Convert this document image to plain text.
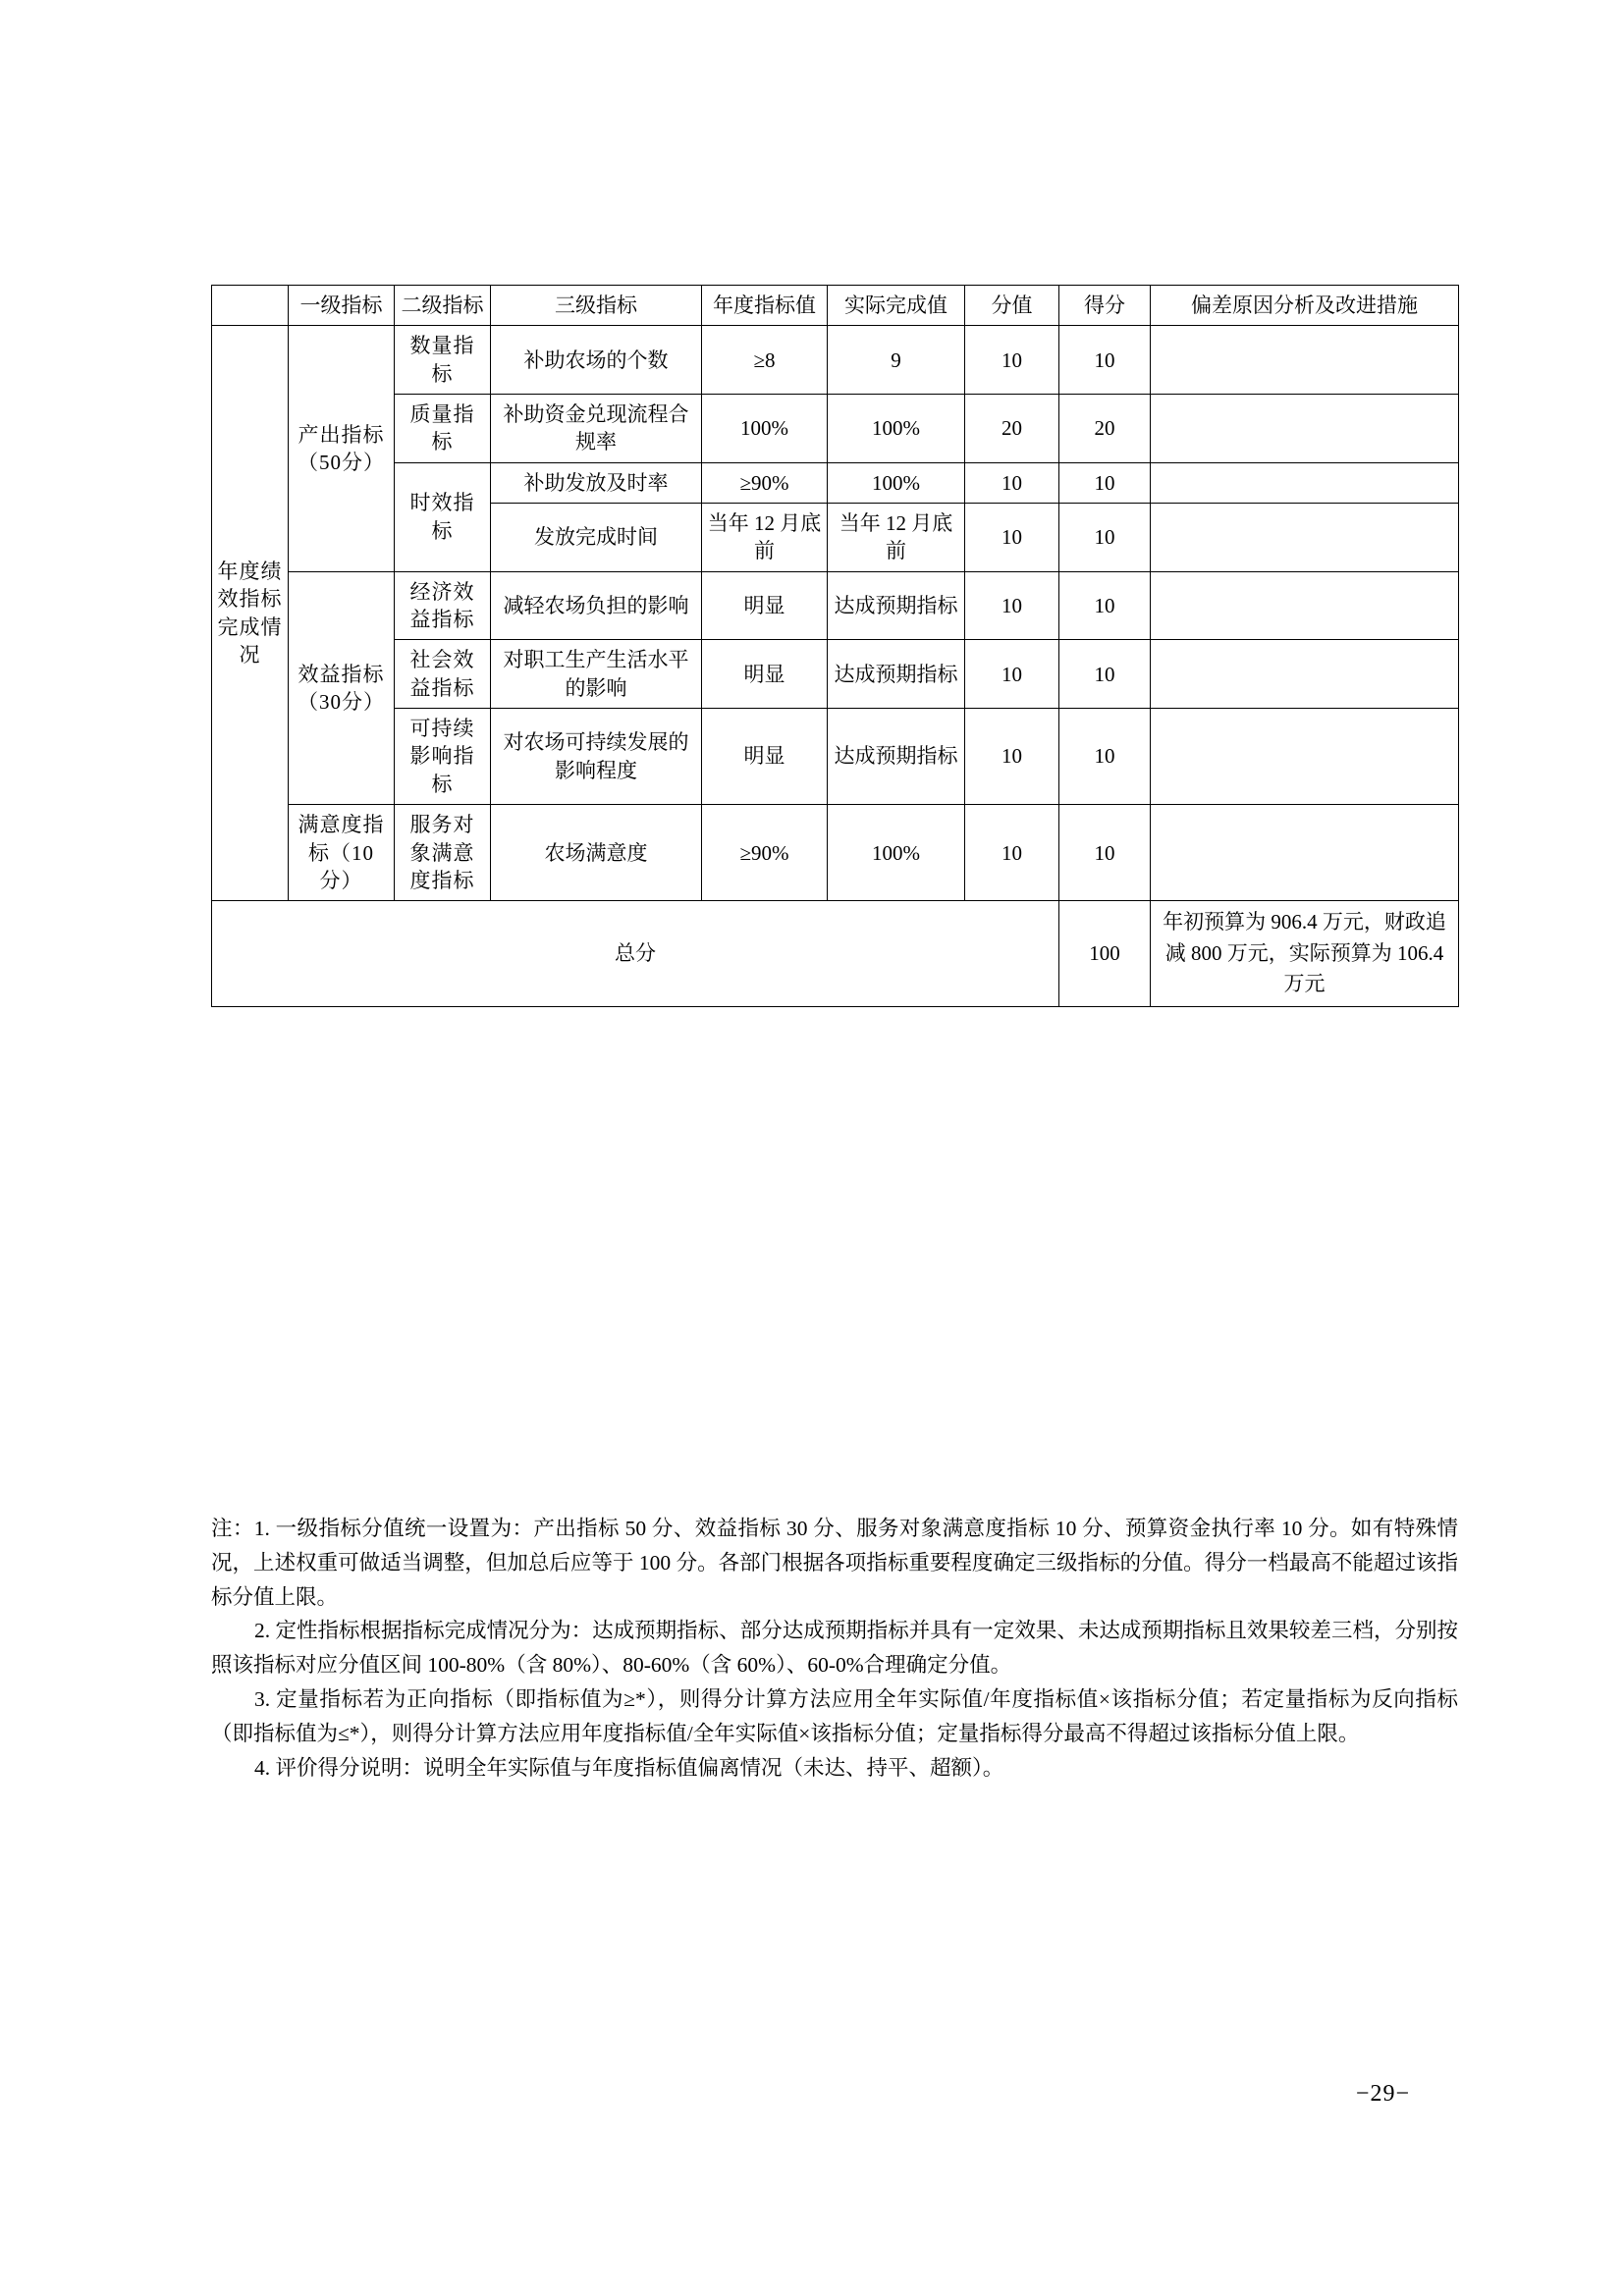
	一级指标	二级指标	三级指标	年度指标值	实际完成值	分值	得分	偏差原因分析及改进措施
年度绩效指标完成情况	产出指标（50分）	数量指标	补助农场的个数	≥8	9	10	10	
		质量指标	补助资金兑现流程合规率	100%	100%	20	20	
		时效指标	补助发放及时率	≥90%	100%	10	10	
			发放完成时间	当年 12 月底前	当年 12 月底前	10	10	
	效益指标（30分）	经济效益指标	减轻农场负担的影响	明显	达成预期指标	10	10	
		社会效益指标	对职工生产生活水平的影响	明显	达成预期指标	10	10	
		可持续影响指标	对农场可持续发展的影响程度	明显	达成预期指标	10	10	
	满意度指标（10分）	服务对象满意度指标	农场满意度	≥90%	100%	10	10	
总分							100	年初预算为 906.4 万元，财政追减 800 万元，实际预算为 106.4 万元

注：1. 一级指标分值统一设置为：产出指标 50 分、效益指标 30 分、服务对象满意度指标 10 分、预算资金执行率 10 分。如有特殊情况，上述权重可做适当调整，但加总后应等于 100 分。各部门根据各项指标重要程度确定三级指标的分值。得分一档最高不能超过该指标分值上限。

2. 定性指标根据指标完成情况分为：达成预期指标、部分达成预期指标并具有一定效果、未达成预期指标且效果较差三档，分别按照该指标对应分值区间 100-80%（含 80%）、80-60%（含 60%）、60-0%合理确定分值。

3. 定量指标若为正向指标（即指标值为≥*），则得分计算方法应用全年实际值/年度指标值×该指标分值；若定量指标为反向指标（即指标值为≤*），则得分计算方法应用年度指标值/全年实际值×该指标分值；定量指标得分最高不得超过该指标分值上限。

4. 评价得分说明：说明全年实际值与年度指标值偏离情况（未达、持平、超额）。

−29−
